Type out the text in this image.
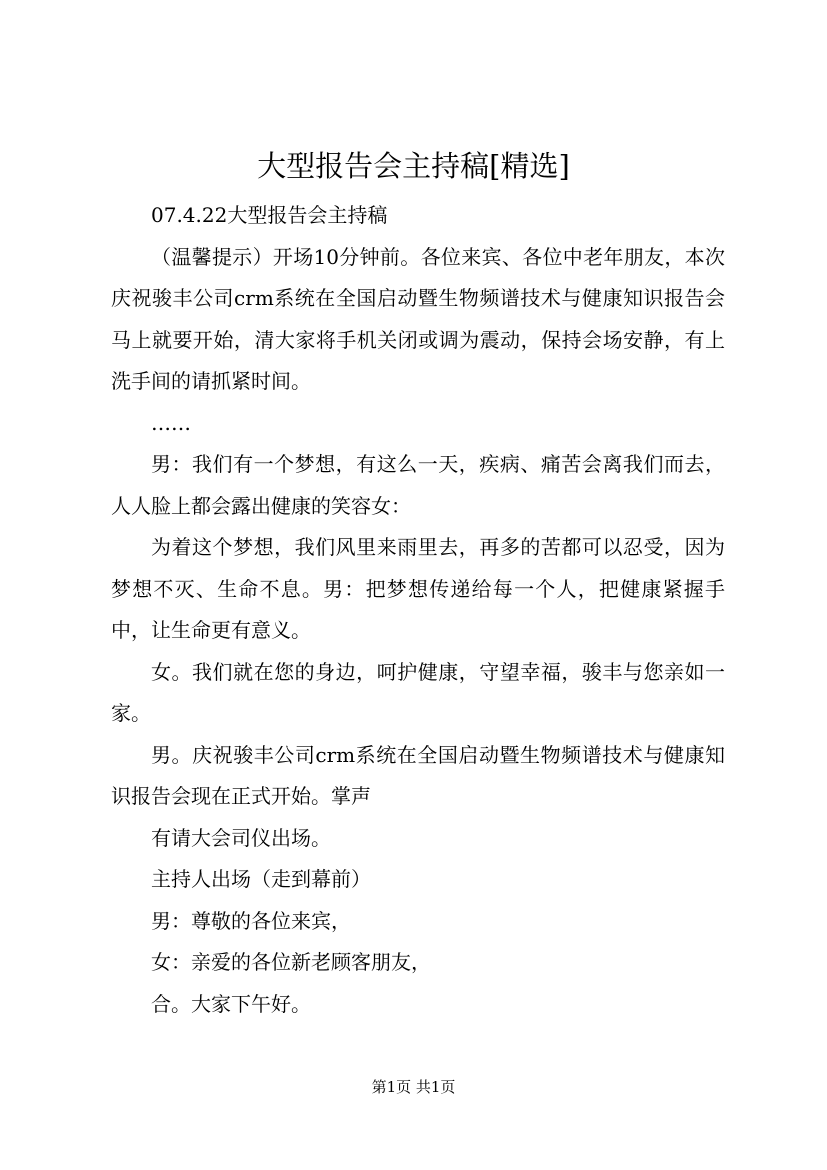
大型报告会主持稿[精选]

07.4.22大型报告会主持稿

（温馨提示）开场10分钟前。各位来宾、各位中老年朋友，本次庆祝骏丰公司crm系统在全国启动暨生物频谱技术与健康知识报告会马上就要开始，清大家将手机关闭或调为震动，保持会场安静，有上洗手间的请抓紧时间。

……

男：我们有一个梦想，有这么一天，疾病、痛苦会离我们而去，人人脸上都会露出健康的笑容女：

为着这个梦想，我们风里来雨里去，再多的苦都可以忍受，因为梦想不灭、生命不息。男：把梦想传递给每一个人，把健康紧握手中，让生命更有意义。

女。我们就在您的身边，呵护健康，守望幸福，骏丰与您亲如一家。

男。庆祝骏丰公司crm系统在全国启动暨生物频谱技术与健康知识报告会现在正式开始。掌声

有请大会司仪出场。

主持人出场（走到幕前）

男：尊敬的各位来宾，

女：亲爱的各位新老顾客朋友，

合。大家下午好。

第1页 共1页
